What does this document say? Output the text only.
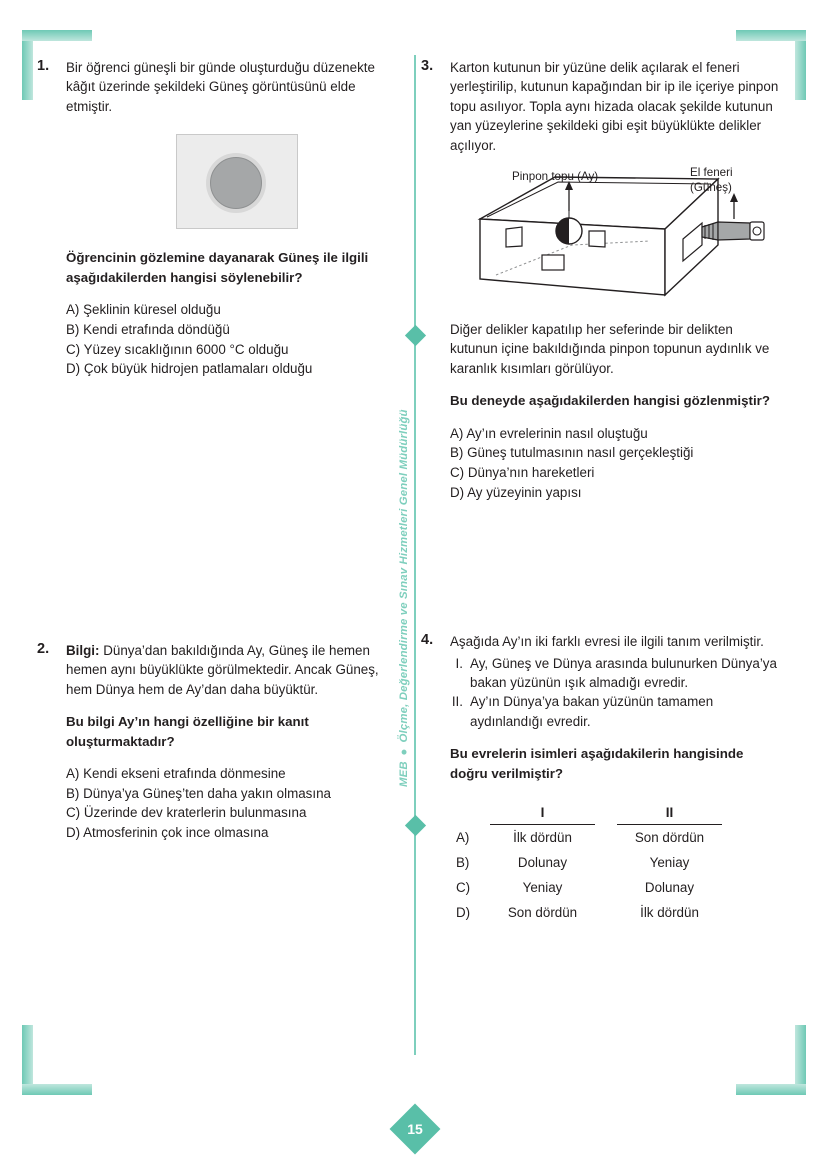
MEB ● Ölçme, Değerlendirme ve Sınav Hizmetleri Genel Müdürlüğü
15
1. Bir öğrenci güneşli bir günde oluşturduğu düzenekte kâğıt üzerinde şekildeki Güneş görüntüsünü elde etmiştir.
Öğrencinin gözlemine dayanarak Güneş ile ilgili aşağıdakilerden hangisi söylenebilir?
A) Şeklinin küresel olduğu
B) Kendi etrafında döndüğü
C) Yüzey sıcaklığının 6000 °C olduğu
D) Çok büyük hidrojen patlamaları olduğu
2. Bilgi: Dünya’dan bakıldığında Ay, Güneş ile hemen hemen aynı büyüklükte görülmektedir. Ancak Güneş, hem Dünya hem de Ay’dan daha büyüktür.
Bu bilgi Ay’ın hangi özelliğine bir kanıt oluşturmaktadır?
A) Kendi ekseni etrafında dönmesine
B) Dünya’ya Güneş’ten daha yakın olmasına
C) Üzerinde dev kraterlerin bulunmasına
D) Atmosferinin çok ince olmasına
3. Karton kutunun bir yüzüne delik açılarak el feneri yerleştirilip, kutunun kapağından bir ip ile içeriye pinpon topu asılıyor. Topla aynı hizada olacak şekilde kutunun yan yüzeylerine şekildeki gibi eşit büyüklükte delikler açılıyor.
Pinpon topu (Ay)	El feneri
(Güneş)
Diğer delikler kapatılıp her seferinde bir delikten kutunun içine bakıldığında pinpon topunun aydınlık ve karanlık kısımları görülüyor.
Bu deneyde aşağıdakilerden hangisi gözlenmiştir?
A) Ay’ın evrelerinin nasıl oluştuğu
B) Güneş tutulmasının nasıl gerçekleştiği
C) Dünya’nın hareketleri
D) Ay yüzeyinin yapısı
4. Aşağıda Ay’ın iki farklı evresi ile ilgili tanım verilmiştir.
I. Ay, Güneş ve Dünya arasında bulunurken Dünya’ya bakan yüzünün ışık almadığı evredir.
II. Ay’ın Dünya’ya bakan yüzünün tamamen aydınlandığı evredir.
Bu evrelerin isimleri aşağıdakilerin hangisinde doğru verilmiştir?
	I		II

A)	İlk dördün		Son dördün
B)	Dolunay		Yeniay
C)	Yeniay		Dolunay
D)	Son dördün		İlk dördün
